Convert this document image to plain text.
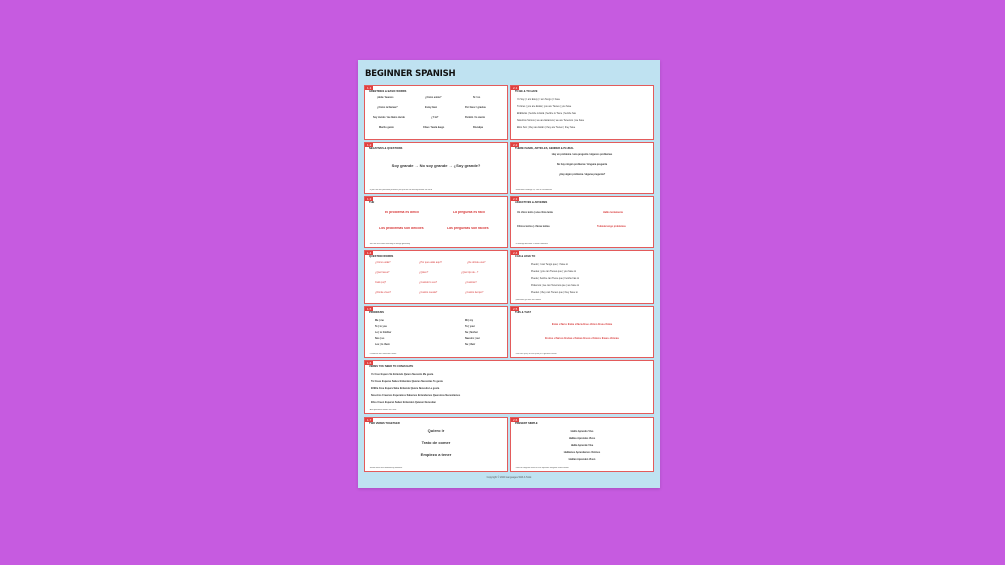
BEGINNER SPANISH
1·1
GREETINGS & BASIC WORDS
¡Hola / buenos	¿Cómo estás?	Sí / no
¿Cómo te llamas?	Estoy bien	Por favor / gracias
Soy Jacob / me llamo Jacob	¿Y tú?	Perdón / lo siento
Mucho gusto	Chao / hasta luego	Disculpa
1·2
NEGATIVES & QUESTIONS
Soy grande → No soy grande → ¿Soy grande?
*If you use the personal pronoun just put the no directly before the verb
1·3
THE
El problema es difícil	La pregunta es fácil
Los problemas son difíciles	Las preguntas son fáciles
*We use the when referring to things generally
1·4
QUESTION WORDS
¿Cómo estás?	¿Por qué estás aquí?	¿De dónde eres?
¿Qué haces?	¿Quién?	¿Qué tipo de...?
Cuál (es)?	¿Cuándo lo ves?	¿Cuántos?
¿Dónde vives?	¿Cuánto cuesta?	¿Cuánto tiempo?
1·5
PRONOUNS
Me | me
Te | to you
Le | to him/her
Nos | us
Les | to them
Mi | my
Tu | your
Su | his/her
Nuestro | our
Su | their
*Pronouns are used with verbs
1·6
VERBS YOU NEED TO CONJUGATE
Yo Creo Espero Sé Entiendo Quiero Necesito Me gusta
Tú Crees Esperas Sabes Entiendes Quieres Necesitas Te gusta
Él/Ella Cree Espera Sabe Entiende Quiere Necesita Le gusta
Nosotros Creemos Esperamos Sabemos Entendemos Queremos Necesitamos
Ellos Creen Esperan Saben Entienden Quieren Necesitan
*And pronouns before the verb
1·7
TWO VERBS TOGETHER
Quiero ir
Trato de comer
Empiezo a tener
*Some verbs are followed by infinitive
2·1
TO BE & TO HAVE
Yo Soy | I am Estoy | I am Tengo | I have
Tú Eres | you are Estás | you are Tienes | you have
Él/Ella Es | he/she is Está | he/she is Tiene | he/she has
Nosotros Somos | we are Estamos | we are Tenemos | we have
Ellos Son | they are Están | they are Tienen | they have
2·2
THERE IS/ARE, ARTICLES, GENDER & PLURAL
Hay un problema / una pregunta / algunos problemas
No hay ningún problema / ninguna pregunta
¿Hay algún problema / alguna pregunta?
*Masculine endings -o, -ma & consonants
2·3
ADJECTIVES & ADVERBS
Un chico lento | una chica lenta	Hablo lentamente
Chicos lentos | chicas lentas	Todavía tengo problemas
*a endings become -a when feminine
2·4
CAN & HAVE TO
Puedo | I can Tengo que | I have to
Puedes | you can Tienes que | you have to
Puede | he/she can Tiene que | he/she has to
Podemos | we can Tenemos que | we have to
Pueden | they can Tienen que | they have to
*pronouns go after the modal
2·5
THIS & THAT
Este chico Esta chica Ese chico Esa chica
Estos chicos Estas chicas Esos chicos Esas chicas
*use esto (this) or eso (that) in a general sense
2·6
PRESENT SIMPLE
Hablo Aprendo Vivo
Hablas Aprendes Vives
Habla Aprende Vive
Hablamos Aprendemos Vivimos
Hablan Aprenden Viven
*Find all irregular verbs in the separate irregular verbs leaflet
Copyright © 2020 Languages With A Twist
